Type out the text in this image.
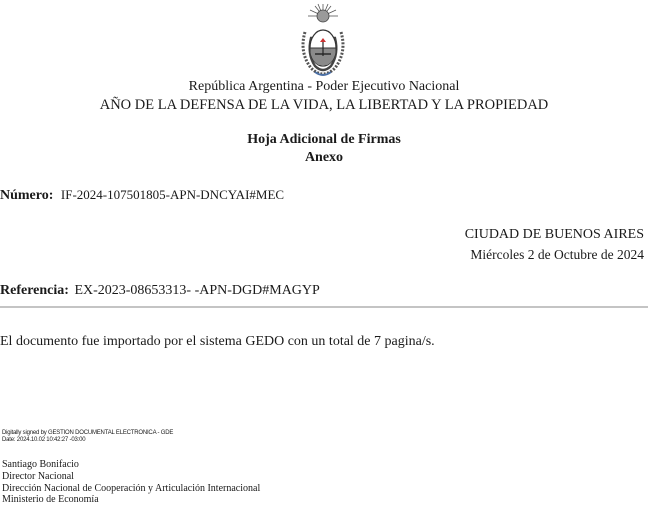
República Argentina - Poder Ejecutivo Nacional
AÑO DE LA DEFENSA DE LA VIDA, LA LIBERTAD Y LA PROPIEDAD
Hoja Adicional de Firmas
Anexo
Número: IF-2024-107501805-APN-DNCYAI#MEC
CIUDAD DE BUENOS AIRES
Miércoles 2 de Octubre de 2024
Referencia: EX-2023-08653313- -APN-DGD#MAGYP
El documento fue importado por el sistema GEDO con un total de 7 pagina/s.
Digitally signed by GESTION DOCUMENTAL ELECTRONICA - GDE
Date: 2024.10.02 10:42:27 -03:00
Santiago Bonifacio
Director Nacional
Dirección Nacional de Cooperación y Articulación Internacional
Ministerio de Economía
